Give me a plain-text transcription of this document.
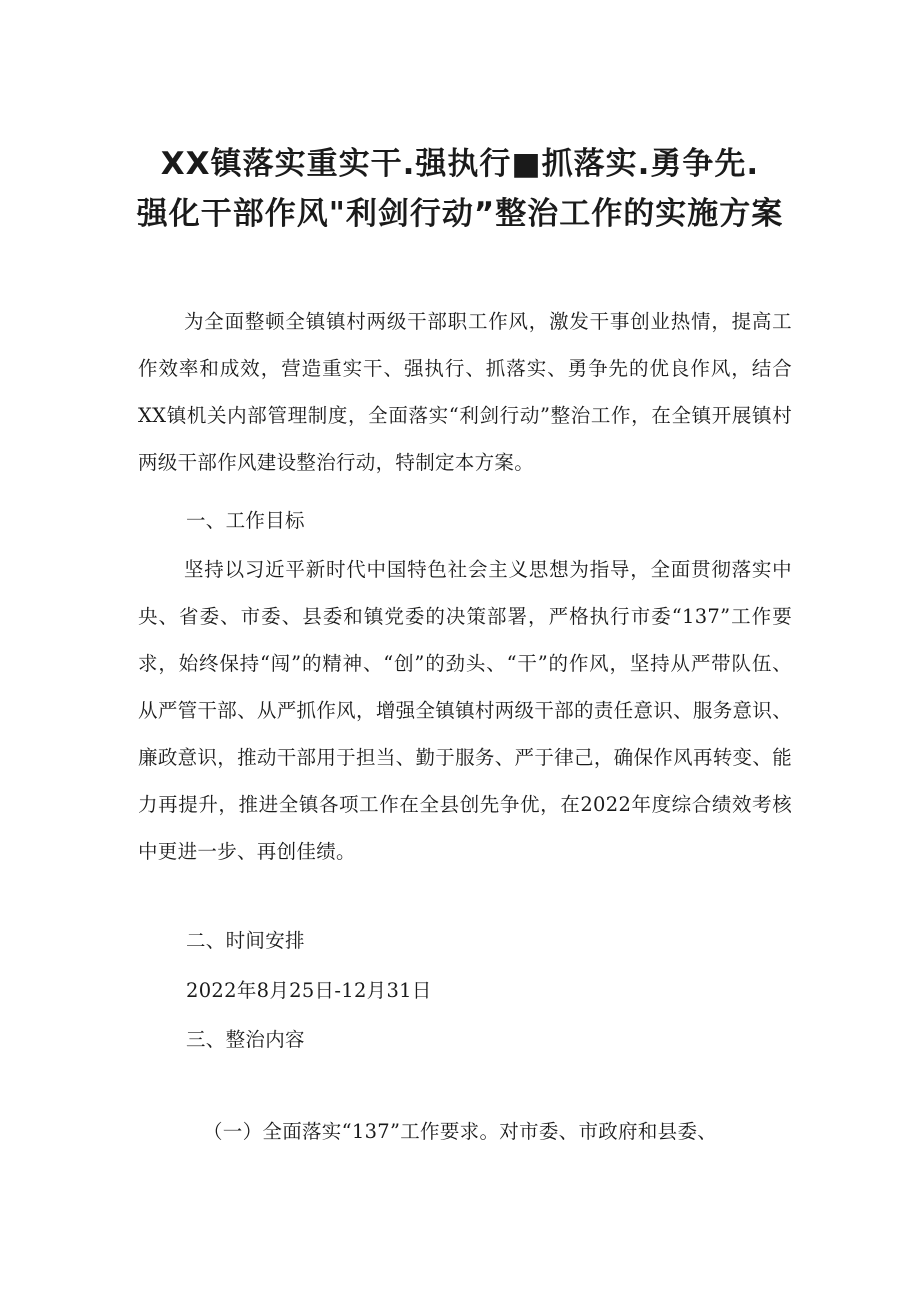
XX镇落实重实干.强执行■抓落实.勇争先.
强化干部作风"利剑行动”整治工作的实施方案
为全面整顿全镇镇村两级干部职工作风，激发干事创业热情，提高工作效率和成效，营造重实干、强执行、抓落实、勇争先的优良作风，结合XX镇机关内部管理制度，全面落实“利剑行动”整治工作，在全镇开展镇村两级干部作风建设整治行动，特制定本方案。
一、工作目标
坚持以习近平新时代中国特色社会主义思想为指导，全面贯彻落实中央、省委、市委、县委和镇党委的决策部署，严格执行市委“137”工作要求，始终保持“闯”的精神、“创”的劲头、“干”的作风，坚持从严带队伍、从严管干部、从严抓作风，增强全镇镇村两级干部的责任意识、服务意识、廉政意识，推动干部用于担当、勤于服务、严于律己，确保作风再转变、能力再提升，推进全镇各项工作在全县创先争优，在2022年度综合绩效考核中更进一步、再创佳绩。
二、时间安排
2022年8月25日-12月31日
三、整治内容
（一）全面落实“137”工作要求。对市委、市政府和县委、
